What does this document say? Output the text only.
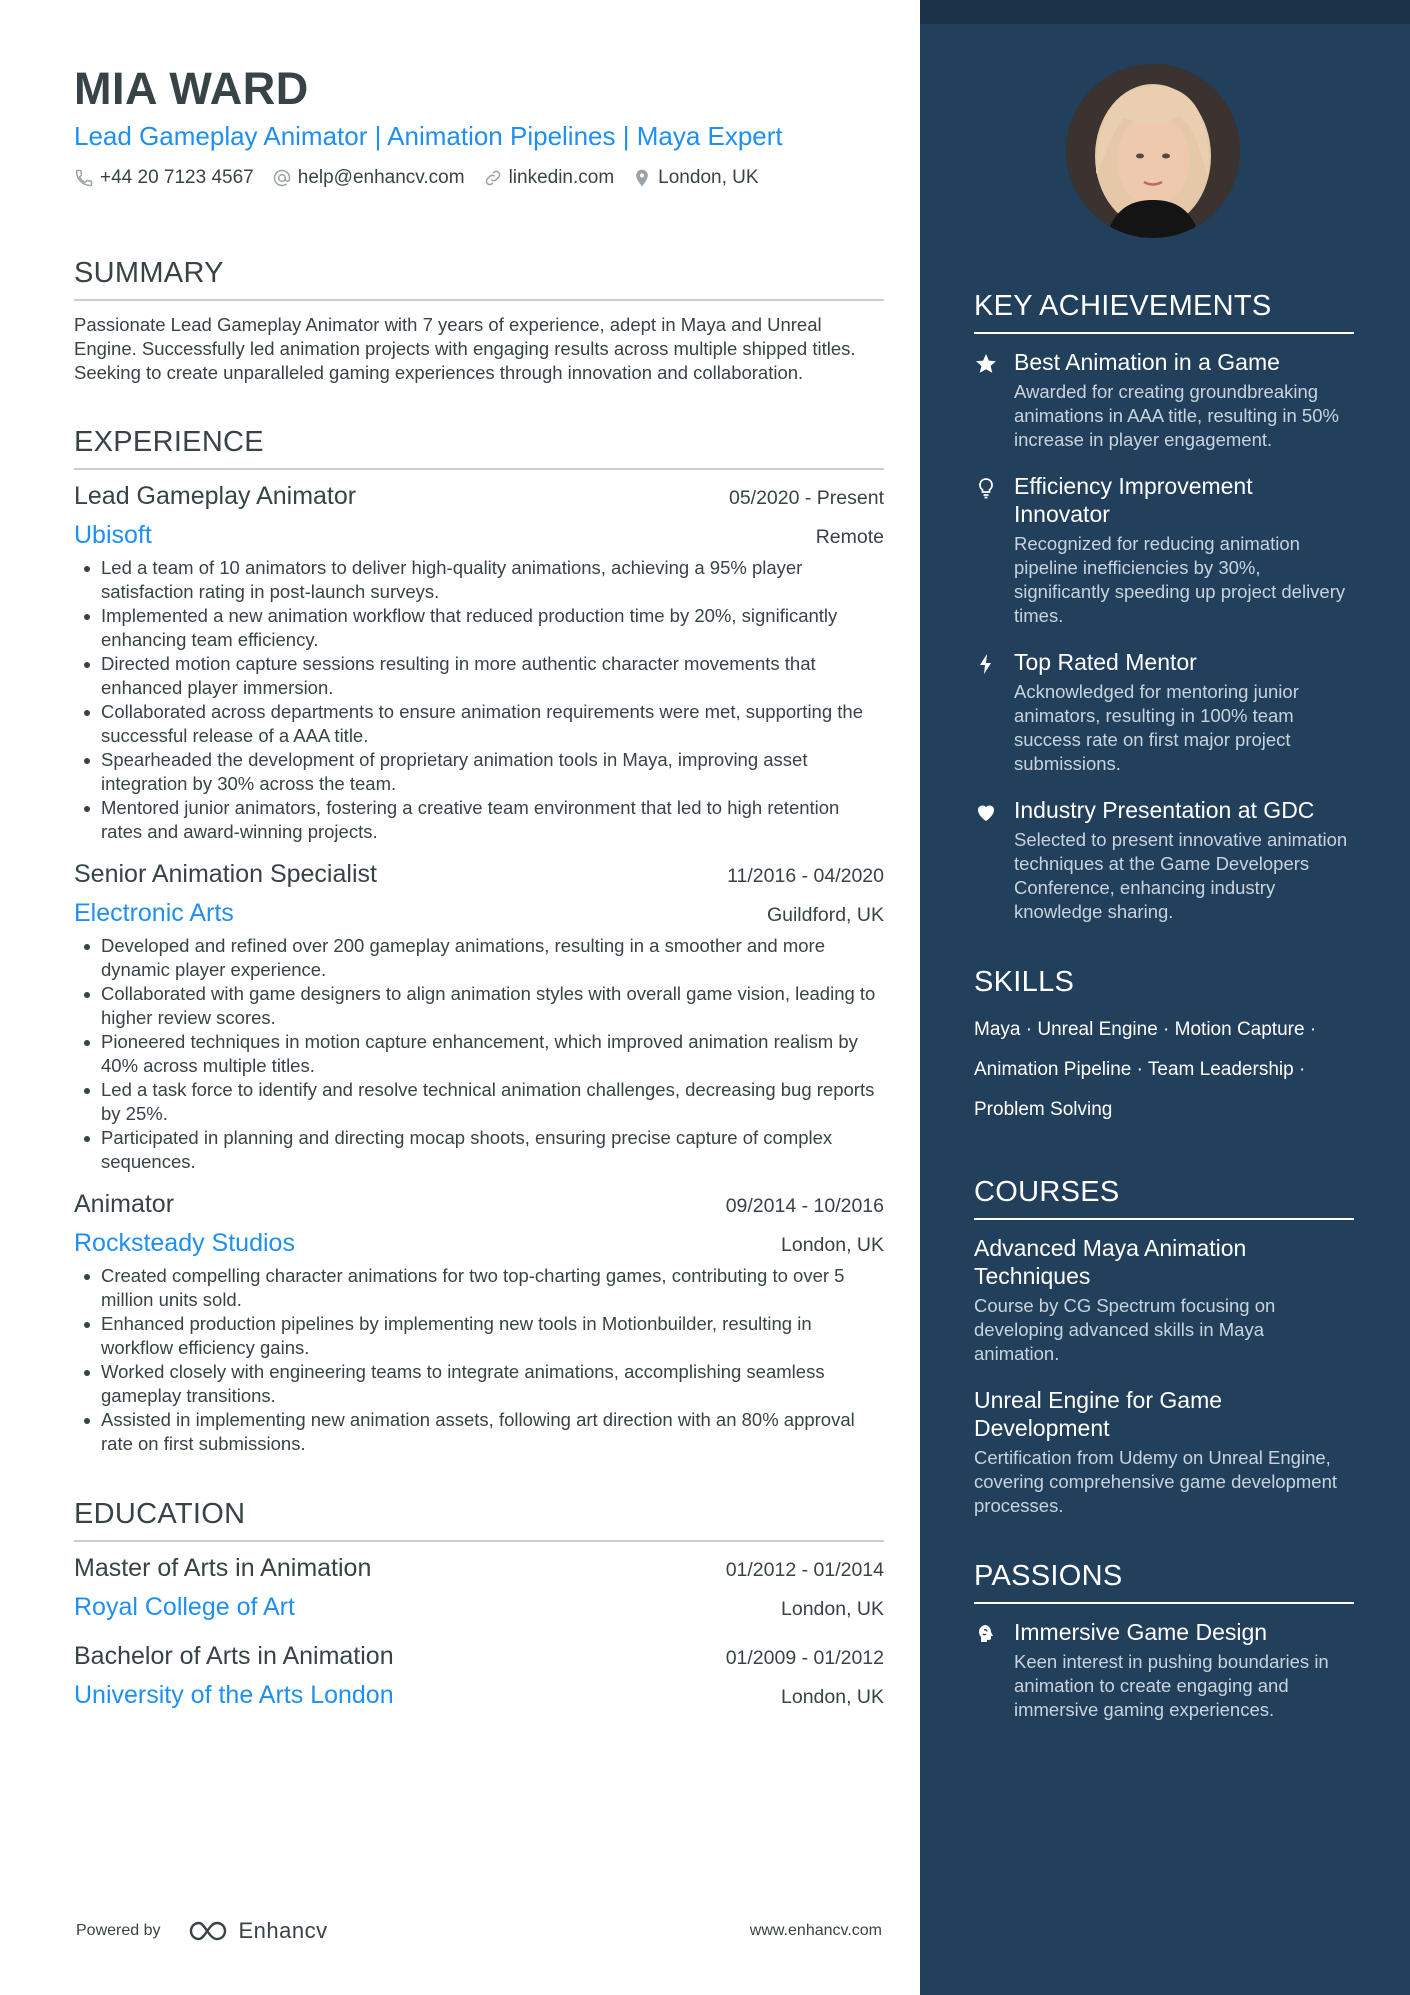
MIA WARD
Lead Gameplay Animator | Animation Pipelines | Maya Expert
+44 20 7123 4567 help@enhancv.com linkedin.com London, UK
SUMMARY
Passionate Lead Gameplay Animator with 7 years of experience, adept in Maya and Unreal Engine. Successfully led animation projects with engaging results across multiple shipped titles. Seeking to create unparalleled gaming experiences through innovation and collaboration.
EXPERIENCE
Lead Gameplay Animator	05/2020 - Present
Ubisoft	Remote
Led a team of 10 animators to deliver high-quality animations, achieving a 95% player satisfaction rating in post-launch surveys.
Implemented a new animation workflow that reduced production time by 20%, significantly enhancing team efficiency.
Directed motion capture sessions resulting in more authentic character movements that enhanced player immersion.
Collaborated across departments to ensure animation requirements were met, supporting the successful release of a AAA title.
Spearheaded the development of proprietary animation tools in Maya, improving asset integration by 30% across the team.
Mentored junior animators, fostering a creative team environment that led to high retention rates and award-winning projects.
Senior Animation Specialist	11/2016 - 04/2020
Electronic Arts	Guildford, UK
Developed and refined over 200 gameplay animations, resulting in a smoother and more dynamic player experience.
Collaborated with game designers to align animation styles with overall game vision, leading to higher review scores.
Pioneered techniques in motion capture enhancement, which improved animation realism by 40% across multiple titles.
Led a task force to identify and resolve technical animation challenges, decreasing bug reports by 25%.
Participated in planning and directing mocap shoots, ensuring precise capture of complex sequences.
Animator	09/2014 - 10/2016
Rocksteady Studios	London, UK
Created compelling character animations for two top-charting games, contributing to over 5 million units sold.
Enhanced production pipelines by implementing new tools in Motionbuilder, resulting in workflow efficiency gains.
Worked closely with engineering teams to integrate animations, accomplishing seamless gameplay transitions.
Assisted in implementing new animation assets, following art direction with an 80% approval rate on first submissions.
EDUCATION
Master of Arts in Animation	01/2012 - 01/2014
Royal College of Art	London, UK
Bachelor of Arts in Animation	01/2009 - 01/2012
University of the Arts London	London, UK
Powered by	Enhancv	www.enhancv.com
KEY ACHIEVEMENTS
Best Animation in a Game
Awarded for creating groundbreaking animations in AAA title, resulting in 50% increase in player engagement.
Efficiency Improvement Innovator
Recognized for reducing animation pipeline inefficiencies by 30%, significantly speeding up project delivery times.
Top Rated Mentor
Acknowledged for mentoring junior animators, resulting in 100% team success rate on first major project submissions.
Industry Presentation at GDC
Selected to present innovative animation techniques at the Game Developers Conference, enhancing industry knowledge sharing.
SKILLS
Maya · Unreal Engine · Motion Capture ·
Animation Pipeline · Team Leadership ·
Problem Solving
COURSES
Advanced Maya Animation Techniques
Course by CG Spectrum focusing on developing advanced skills in Maya animation.
Unreal Engine for Game Development
Certification from Udemy on Unreal Engine, covering comprehensive game development processes.
PASSIONS
Immersive Game Design
Keen interest in pushing boundaries in animation to create engaging and immersive gaming experiences.
